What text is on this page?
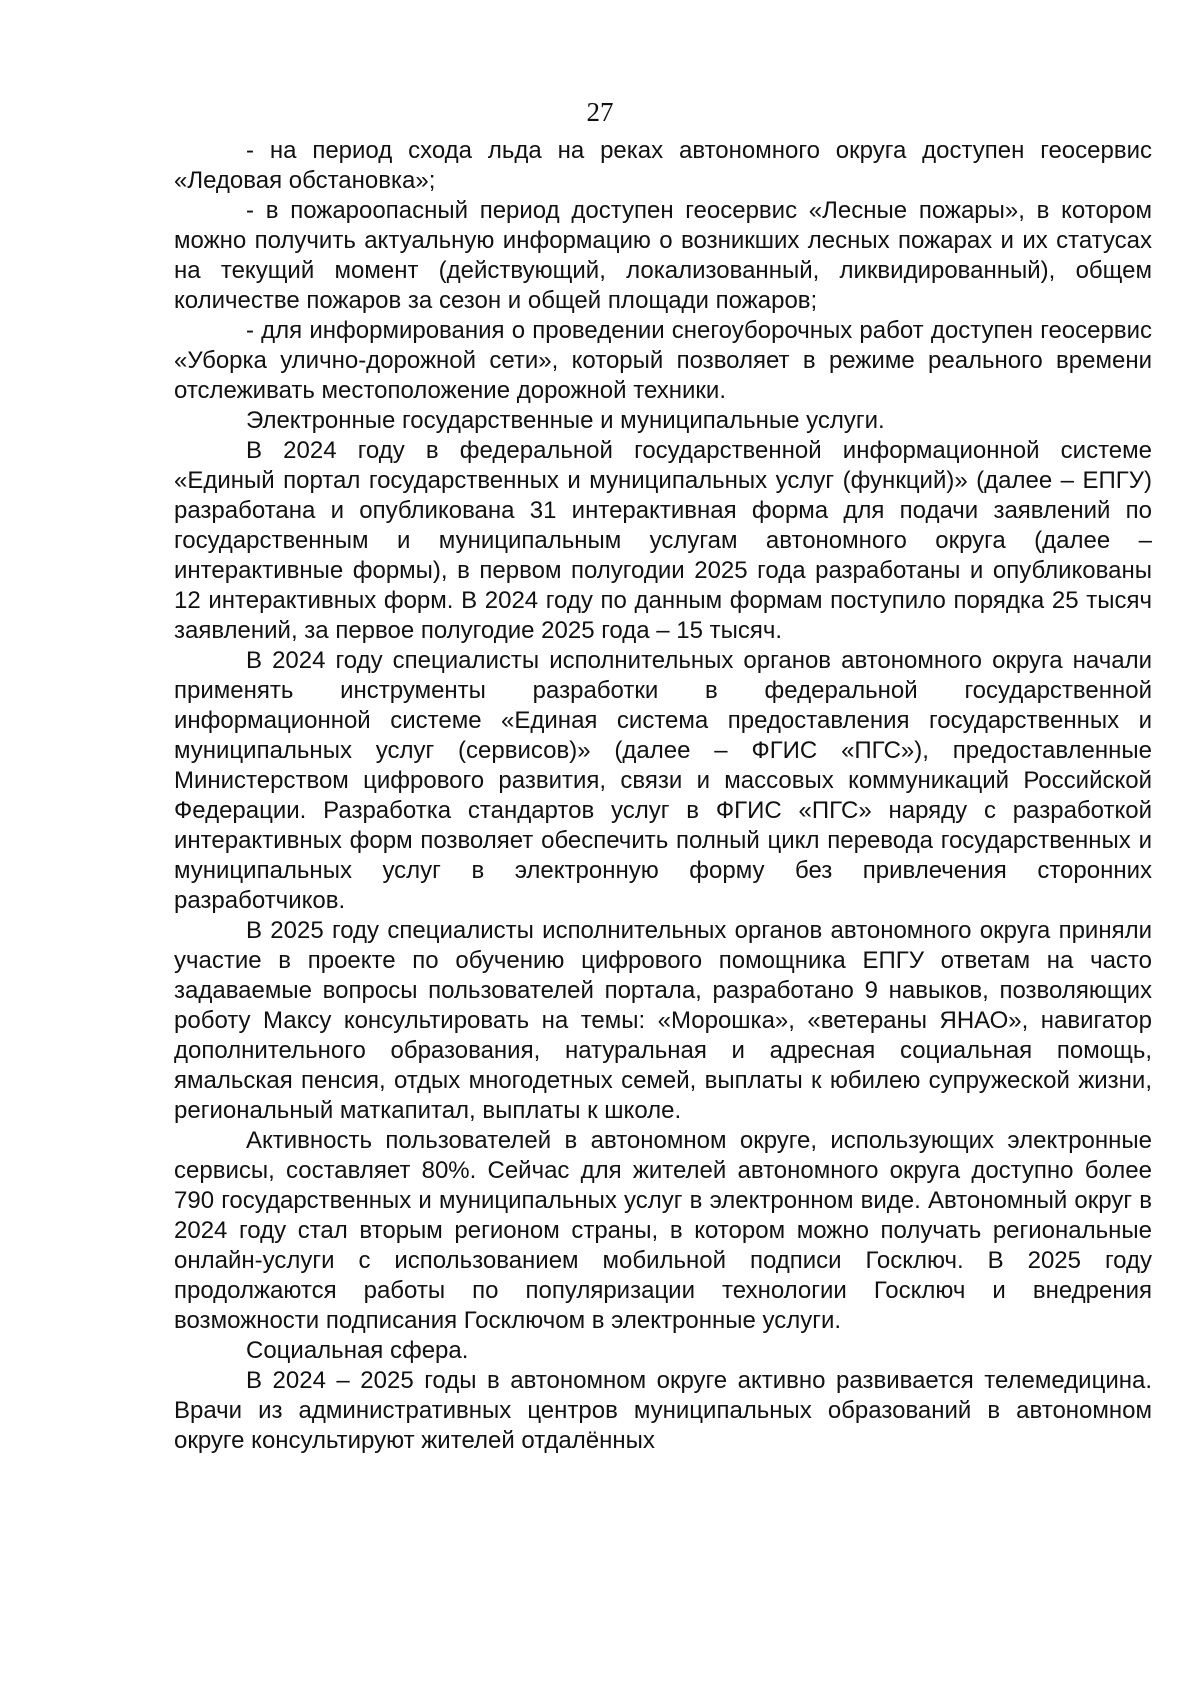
27

- на период схода льда на реках автономного округа доступен геосервис «Ледовая обстановка»;

- в пожароопасный период доступен геосервис «Лесные пожары», в котором можно получить актуальную информацию о возникших лесных пожарах и их статусах на текущий момент (действующий, локализованный, ликвидированный), общем количестве пожаров за сезон и общей площади пожаров;

- для информирования о проведении снегоуборочных работ доступен геосервис «Уборка улично-дорожной сети», который позволяет в режиме реального времени отслеживать местоположение дорожной техники.

Электронные государственные и муниципальные услуги.

В 2024 году в федеральной государственной информационной системе «Единый портал государственных и муниципальных услуг (функций)» (далее – ЕПГУ) разработана и опубликована 31 интерактивная форма для подачи заявлений по государственным и муниципальным услугам автономного округа (далее – интерактивные формы), в первом полугодии 2025 года разработаны и опубликованы 12 интерактивных форм. В 2024 году по данным формам поступило порядка 25 тысяч заявлений, за первое полугодие 2025 года – 15 тысяч.

В 2024 году специалисты исполнительных органов автономного округа начали применять инструменты разработки в федеральной государственной информационной системе «Единая система предоставления государственных и муниципальных услуг (сервисов)» (далее – ФГИС «ПГС»), предоставленные Министерством цифрового развития, связи и массовых коммуникаций Российской Федерации. Разработка стандартов услуг в ФГИС «ПГС» наряду с разработкой интерактивных форм позволяет обеспечить полный цикл перевода государственных и муниципальных услуг в электронную форму без привлечения сторонних разработчиков.

В 2025 году специалисты исполнительных органов автономного округа приняли участие в проекте по обучению цифрового помощника ЕПГУ ответам на часто задаваемые вопросы пользователей портала, разработано 9 навыков, позволяющих роботу Максу консультировать на темы: «Морошка», «ветераны ЯНАО», навигатор дополнительного образования, натуральная и адресная социальная помощь, ямальская пенсия, отдых многодетных семей, выплаты к юбилею супружеской жизни, региональный маткапитал, выплаты к школе.

Активность пользователей в автономном округе, использующих электронные сервисы, составляет 80%. Сейчас для жителей автономного округа доступно более 790 государственных и муниципальных услуг в электронном виде. Автономный округ в 2024 году стал вторым регионом страны, в котором можно получать региональные онлайн-услуги с использованием мобильной подписи Госключ. В 2025 году продолжаются работы по популяризации технологии Госключ и внедрения возможности подписания Госключом в электронные услуги.

Социальная сфера.

В 2024 – 2025 годы в автономном округе активно развивается телемедицина. Врачи из административных центров муниципальных образований в автономном округе консультируют жителей отдалённых
